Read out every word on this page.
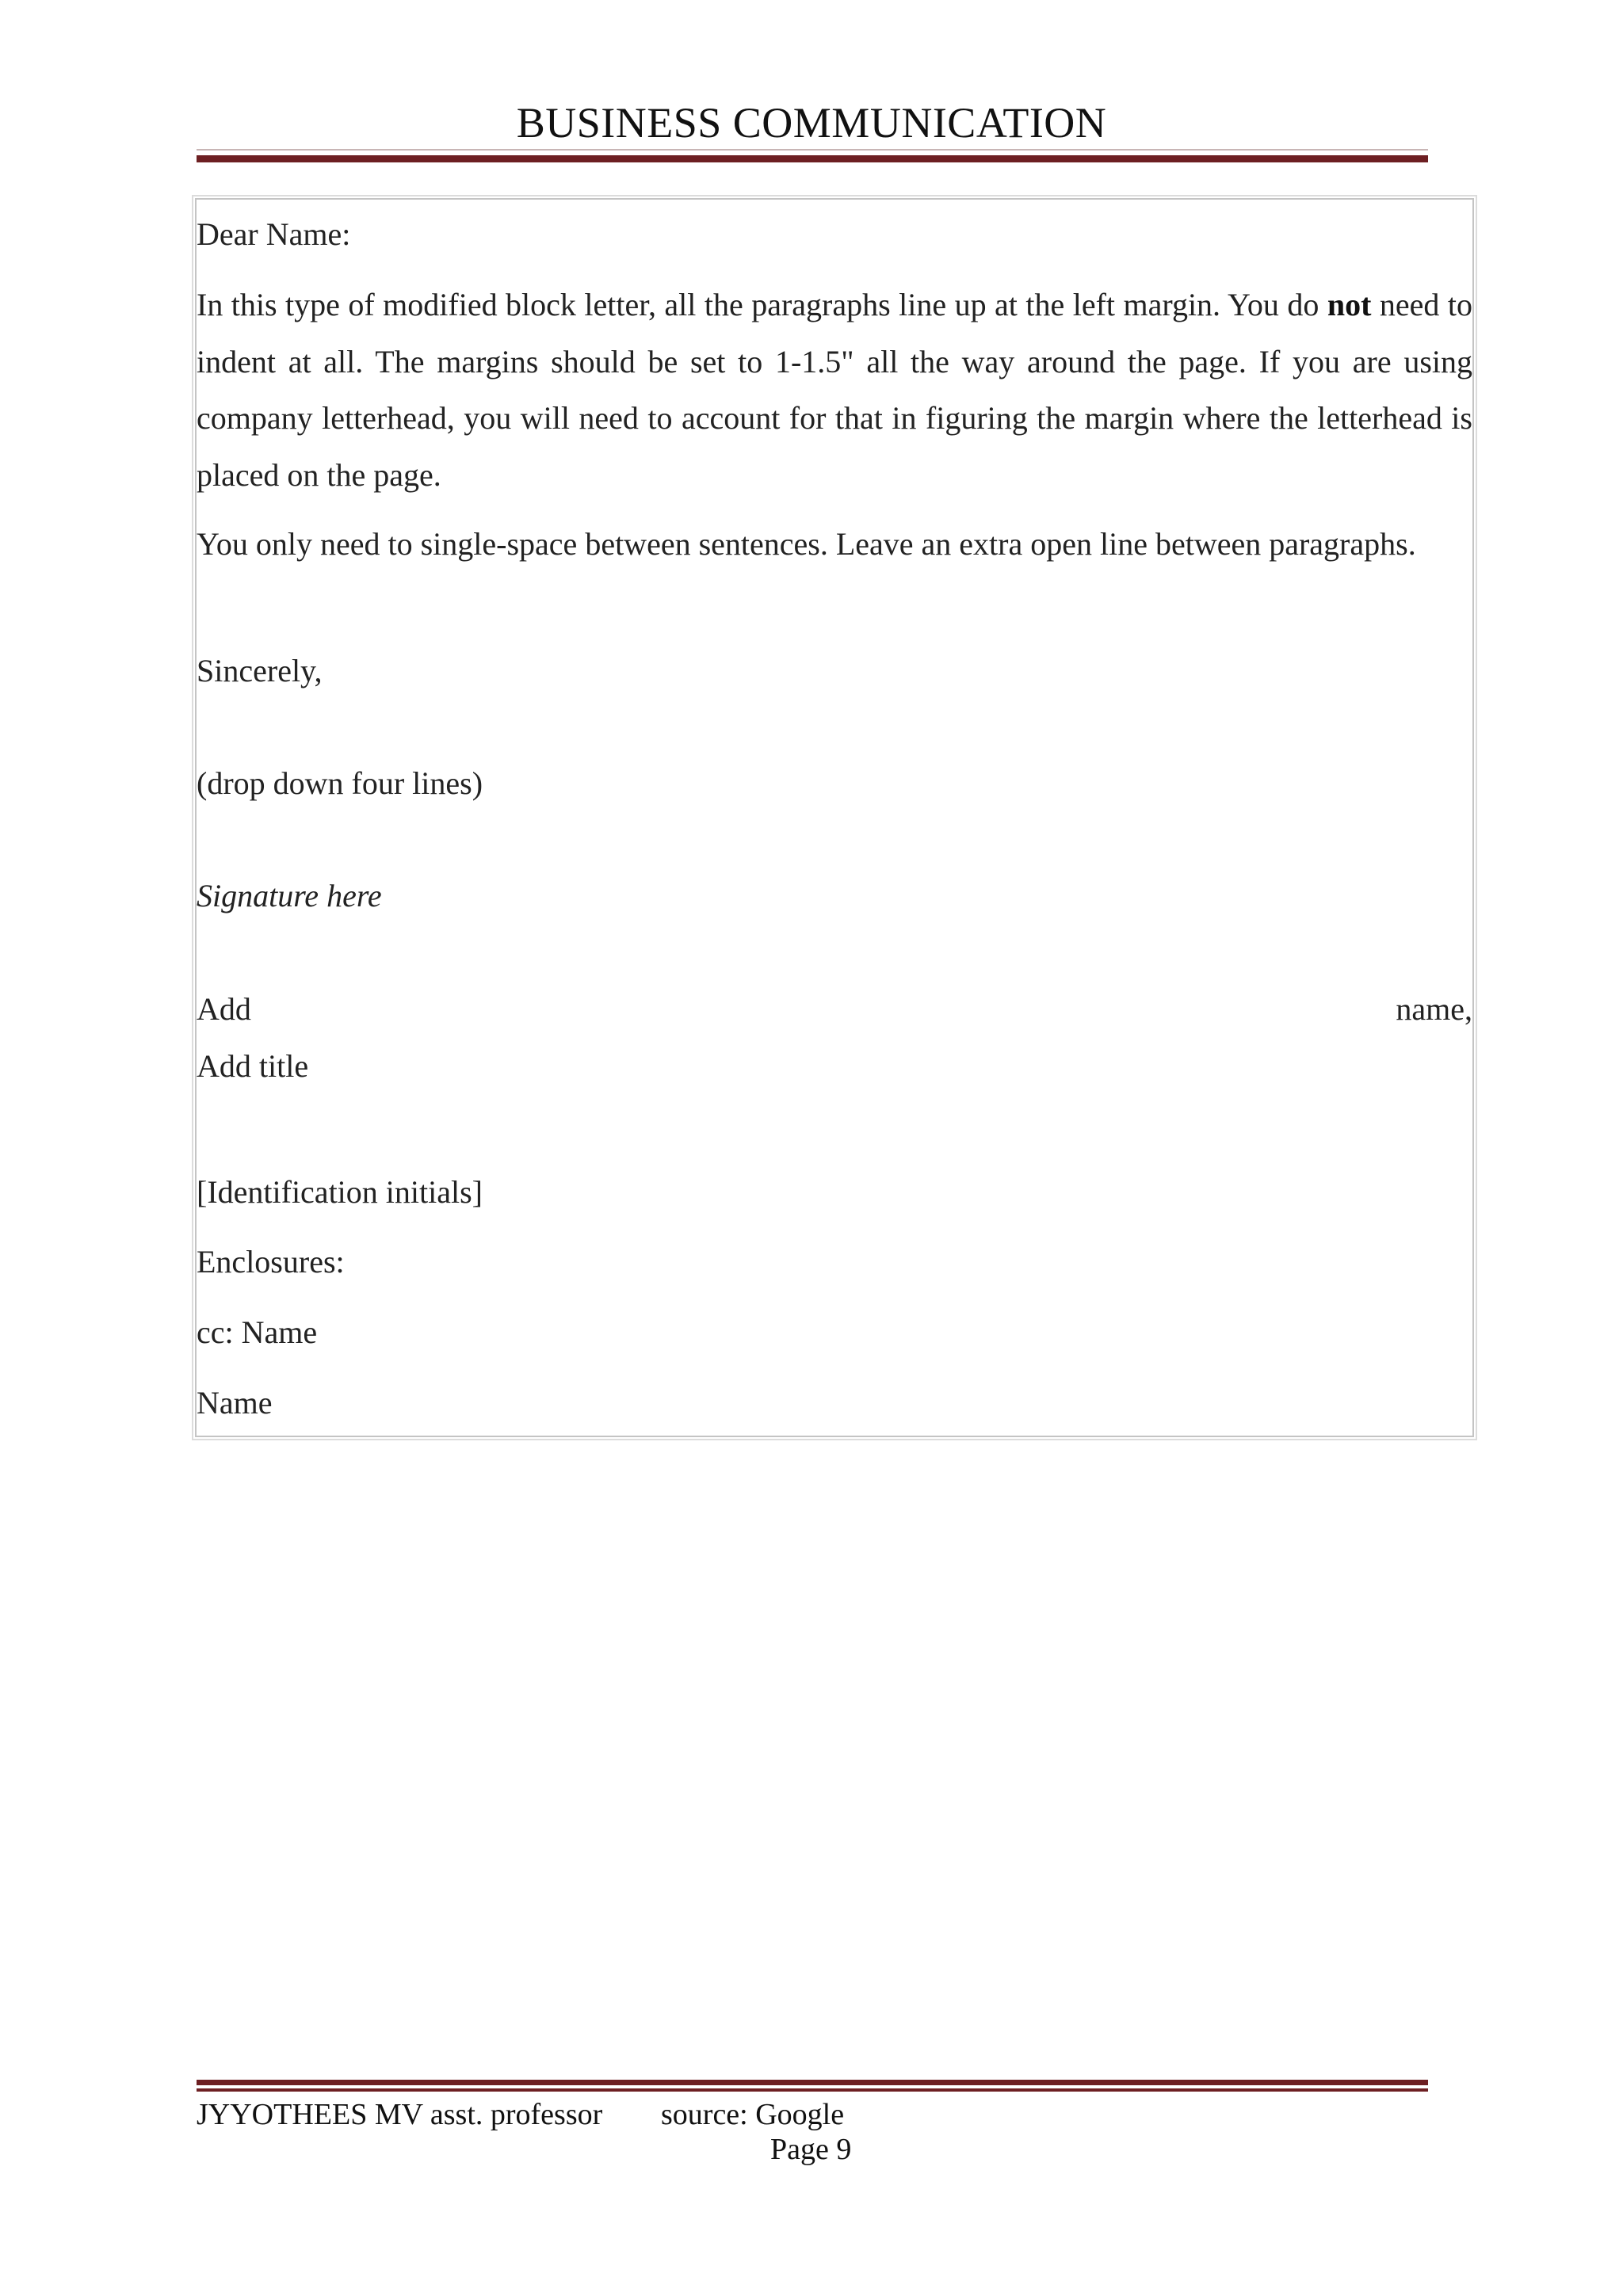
BUSINESS COMMUNICATION
Dear Name:
In this type of modified block letter, all the paragraphs line up at the left margin. You do not need to indent at all. The margins should be set to 1-1.5" all the way around the page. If you are using company letterhead, you will need to account for that in figuring the margin where the letterhead is placed on the page.
You only need to single-space between sentences. Leave an extra open line between paragraphs.
Sincerely,
(drop down four lines)
Signature here
Add	name,
Add title
[Identification initials]
Enclosures:
cc: Name
Name
JYYOTHEES MV asst. professor source: Google
Page 9
